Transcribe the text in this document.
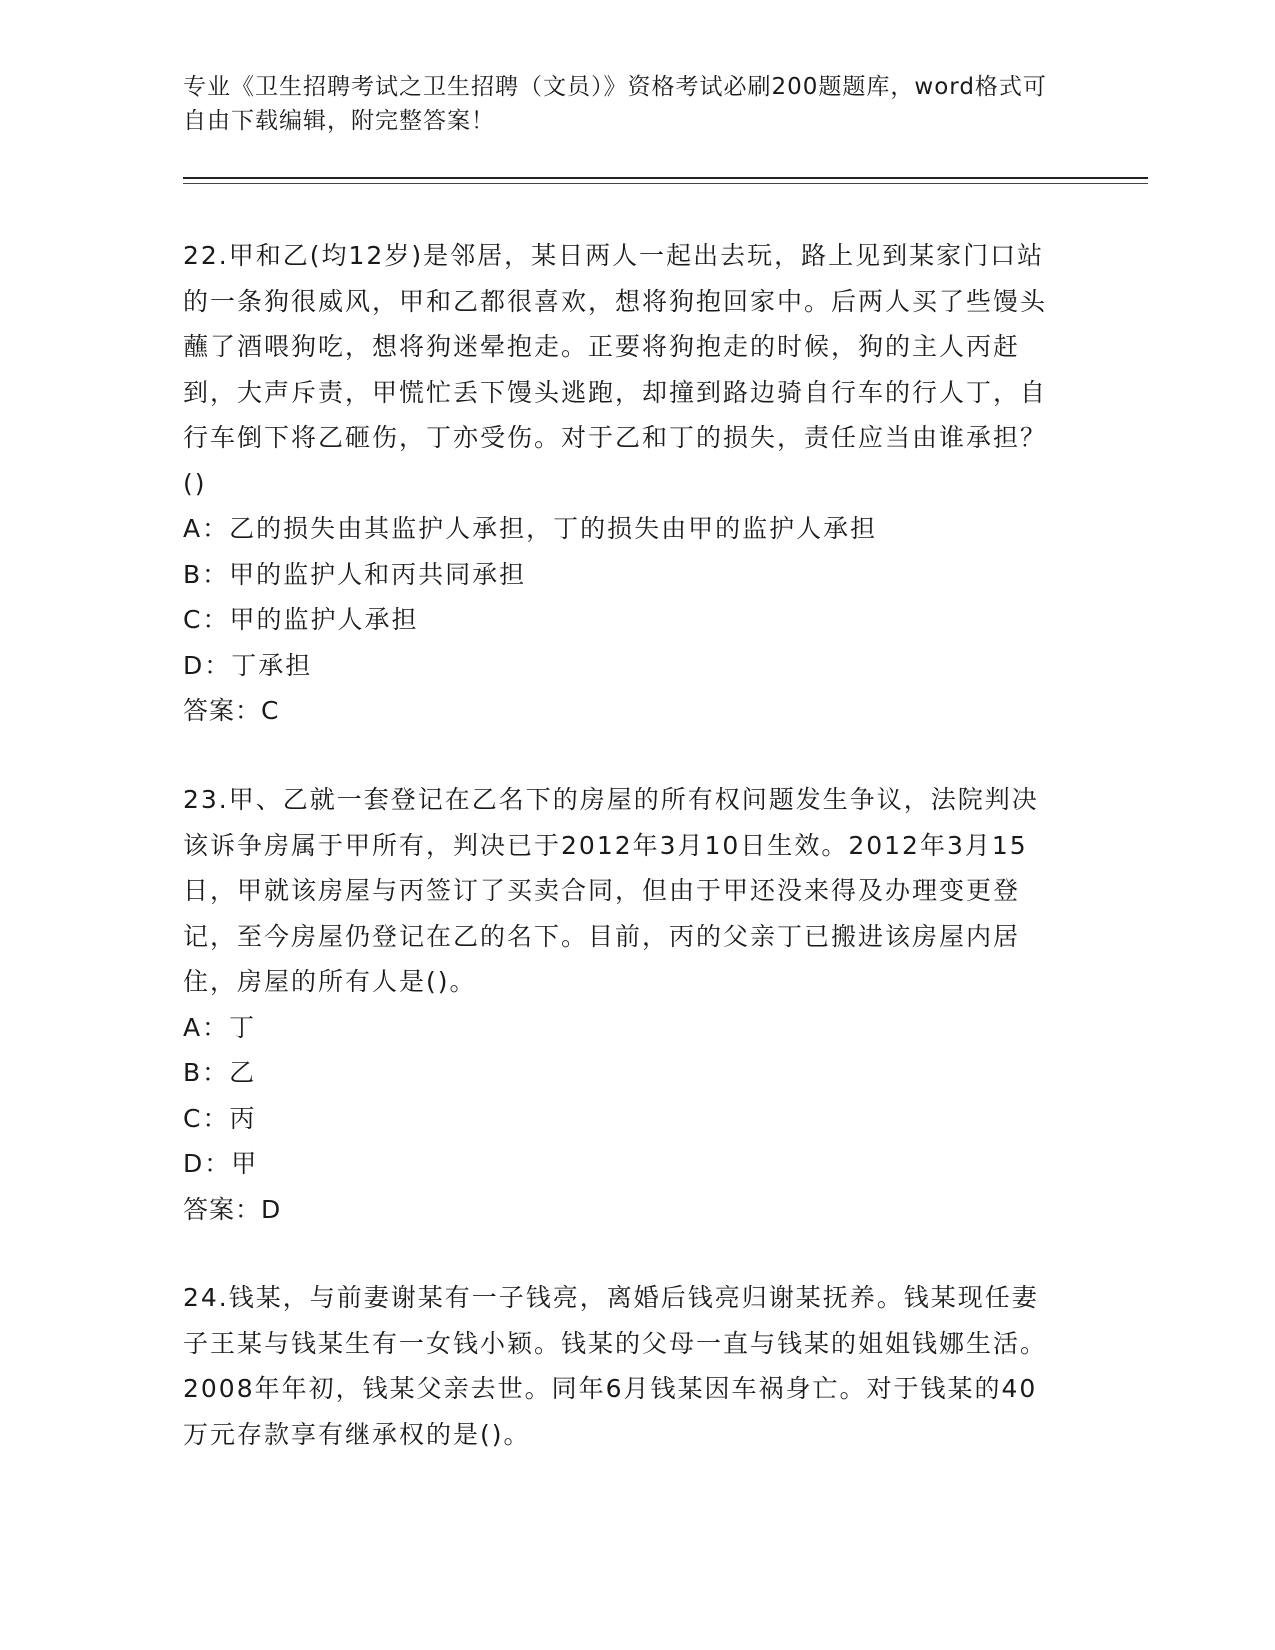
专业《卫生招聘考试之卫生招聘（文员）》资格考试必刷200题题库，word格式可自由下载编辑，附完整答案！

22.甲和乙(均12岁)是邻居，某日两人一起出去玩，路上见到某家门口站的一条狗很威风，甲和乙都很喜欢，想将狗抱回家中。后两人买了些馒头蘸了酒喂狗吃，想将狗迷晕抱走。正要将狗抱走的时候，狗的主人丙赶到，大声斥责，甲慌忙丢下馒头逃跑，却撞到路边骑自行车的行人丁，自行车倒下将乙砸伤，丁亦受伤。对于乙和丁的损失，责任应当由谁承担？()

A：乙的损失由其监护人承担，丁的损失由甲的监护人承担

B：甲的监护人和丙共同承担

C：甲的监护人承担

D：丁承担

答案：C

23.甲、乙就一套登记在乙名下的房屋的所有权问题发生争议，法院判决该诉争房属于甲所有，判决已于2012年3月10日生效。2012年3月15日，甲就该房屋与丙签订了买卖合同，但由于甲还没来得及办理变更登记，至今房屋仍登记在乙的名下。目前，丙的父亲丁已搬进该房屋内居住，房屋的所有人是()。

A：丁

B：乙

C：丙

D：甲

答案：D

24.钱某，与前妻谢某有一子钱亮，离婚后钱亮归谢某抚养。钱某现任妻子王某与钱某生有一女钱小颖。钱某的父母一直与钱某的姐姐钱娜生活。2008年年初，钱某父亲去世。同年6月钱某因车祸身亡。对于钱某的40万元存款享有继承权的是()。
